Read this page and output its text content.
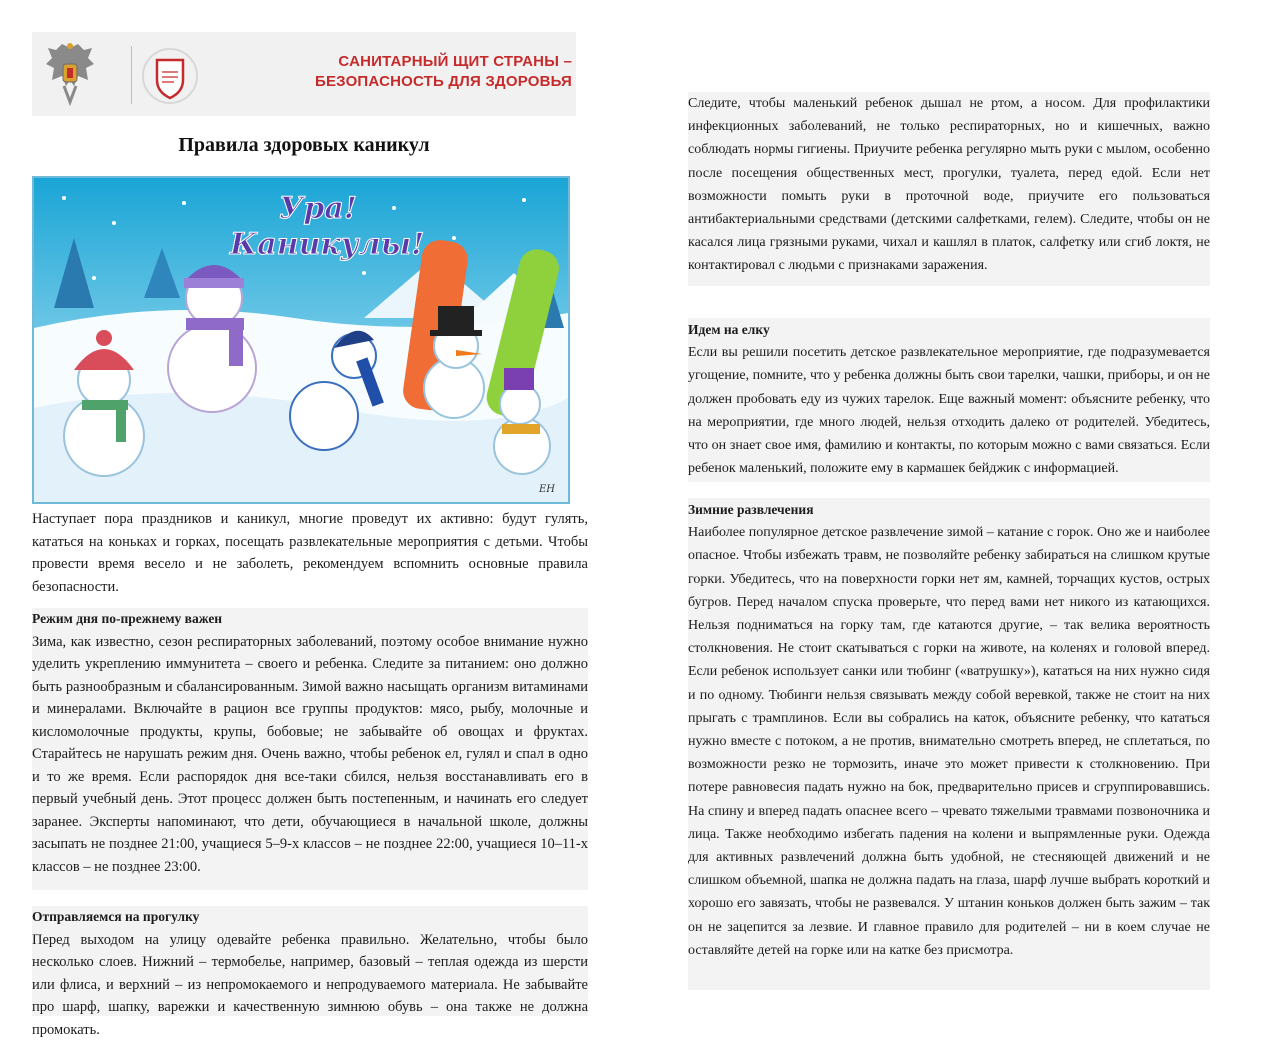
САНИТАРНЫЙ ЩИТ СТРАНЫ –
БЕЗОПАСНОСТЬ ДЛЯ ЗДОРОВЬЯ
Правила здоровых каникул
Ура!
Каникулы!
ЕН

Наступает пора праздников и каникул, многие проведут их активно: будут гулять, кататься на коньках и горках, посещать развлекательные мероприятия с детьми. Чтобы провести время весело и не заболеть, рекомендуем вспомнить основные правила безопасности.

Режим дня по-прежнему важен

Зима, как известно, сезон респираторных заболеваний, поэтому особое внимание нужно уделить укреплению иммунитета – своего и ребенка. Следите за питанием: оно должно быть разнообразным и сбалансированным. Зимой важно насыщать организм витаминами и минералами. Включайте в рацион все группы продуктов: мясо, рыбу, молочные и кисломолочные продукты, крупы, бобовые; не забывайте об овощах и фруктах. Старайтесь не нарушать режим дня. Очень важно, чтобы ребенок ел, гулял и спал в одно и то же время. Если распорядок дня все-таки сбился, нельзя восстанавливать его в первый учебный день. Этот процесс должен быть постепенным, и начинать его следует заранее. Эксперты напоминают, что дети, обучающиеся в начальной школе, должны засыпать не позднее 21:00, учащиеся 5–9-х классов – не позднее 22:00, учащиеся 10–11-х классов – не позднее 23:00.

Отправляемся на прогулку

Перед выходом на улицу одевайте ребенка правильно. Желательно, чтобы было несколько слоев. Нижний – термобелье, например, базовый – теплая одежда из шерсти или флиса, и верхний – из непромокаемого и непродуваемого материала. Не забывайте про шарф, шапку, варежки и качественную зимнюю обувь – она также не должна промокать.

Следите, чтобы маленький ребенок дышал не ртом, а носом. Для профилактики инфекционных заболеваний, не только респираторных, но и кишечных, важно соблюдать нормы гигиены. Приучите ребенка регулярно мыть руки с мылом, особенно после посещения общественных мест, прогулки, туалета, перед едой. Если нет возможности помыть руки в проточной воде, приучите его пользоваться антибактериальными средствами (детскими салфетками, гелем). Следите, чтобы он не касался лица грязными руками, чихал и кашлял в платок, салфетку или сгиб локтя, не контактировал с людьми с признаками заражения.

Идем на елку

Если вы решили посетить детское развлекательное мероприятие, где подразумевается угощение, помните, что у ребенка должны быть свои тарелки, чашки, приборы, и он не должен пробовать еду из чужих тарелок. Еще важный момент: объясните ребенку, что на мероприятии, где много людей, нельзя отходить далеко от родителей. Убедитесь, что он знает свое имя, фамилию и контакты, по которым можно с вами связаться. Если ребенок маленький, положите ему в кармашек бейджик с информацией.

Зимние развлечения

Наиболее популярное детское развлечение зимой – катание с горок. Оно же и наиболее опасное. Чтобы избежать травм, не позволяйте ребенку забираться на слишком крутые горки. Убедитесь, что на поверхности горки нет ям, камней, торчащих кустов, острых бугров. Перед началом спуска проверьте, что перед вами нет никого из катающихся. Нельзя подниматься на горку там, где катаются другие, – так велика вероятность столкновения. Не стоит скатываться с горки на животе, на коленях и головой вперед. Если ребенок использует санки или тюбинг («ватрушку»), кататься на них нужно сидя и по одному. Тюбинги нельзя связывать между собой веревкой, также не стоит на них прыгать с трамплинов. Если вы собрались на каток, объясните ребенку, что кататься нужно вместе с потоком, а не против, внимательно смотреть вперед, не сплетаться, по возможности резко не тормозить, иначе это может привести к столкновению. При потере равновесия падать нужно на бок, предварительно присев и сгруппировавшись. На спину и вперед падать опаснее всего – чревато тяжелыми травмами позвоночника и лица. Также необходимо избегать падения на колени и выпрямленные руки. Одежда для активных развлечений должна быть удобной, не стесняющей движений и не слишком объемной, шапка не должна падать на глаза, шарф лучше выбрать короткий и хорошо его завязать, чтобы не развевался. У штанин коньков должен быть зажим – так он не зацепится за лезвие. И главное правило для родителей – ни в коем случае не оставляйте детей на горке или на катке без присмотра.
